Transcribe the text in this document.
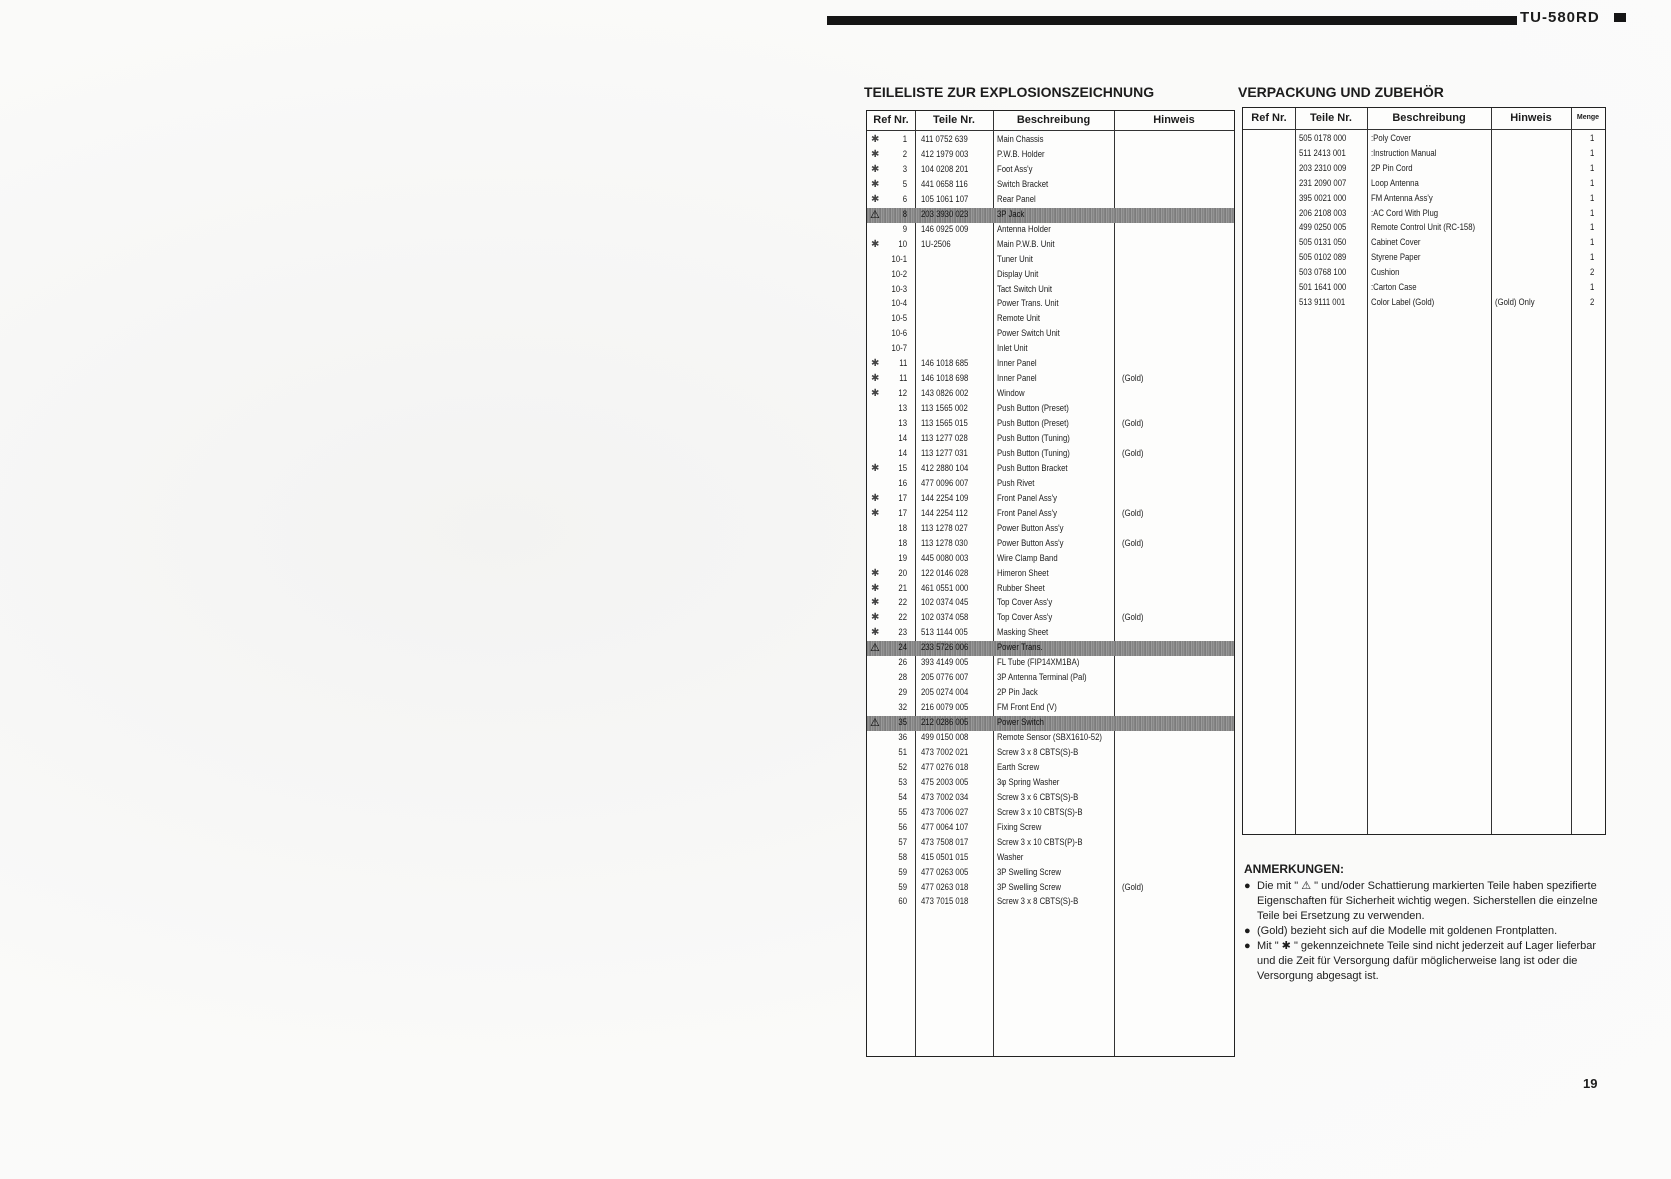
TU-580RD
TEILELISTE ZUR EXPLOSIONSZEICHNUNG
Ref Nr.	Teile Nr.	Beschreibung	Hinweis
✱	1 411 0752 639	Main Chassis
✱	2 412 1979 003	P.W.B. Holder
✱	3 104 0208 201	Foot Ass'y
✱	5 441 0658 116	Switch Bracket
✱	6 105 1061 107	Rear Panel
⚠	8 203 3930 023	3P Jack
9 146 0925 009	Antenna Holder
✱ 10 1U-2506	Main P.W.B. Unit
10-1	Tuner Unit
10-2	Display Unit
10-3	Tact Switch Unit
10-4	Power Trans. Unit
10-5	Remote Unit
10-6	Power Switch Unit
10-7	Inlet Unit
✱ 11 146 1018 685	Inner Panel
✱ 11 146 1018 698	Inner Panel	(Gold)
✱ 12 143 0826 002	Window
13 113 1565 002	Push Button (Preset)
13 113 1565 015	Push Button (Preset)	(Gold)
14 113 1277 028	Push Button (Tuning)
14 113 1277 031	Push Button (Tuning)	(Gold)
✱ 15 412 2880 104	Push Button Bracket
16 477 0096 007	Push Rivet
✱ 17 144 2254 109	Front Panel Ass'y
✱ 17 144 2254 112	Front Panel Ass'y	(Gold)
18 113 1278 027	Power Button Ass'y
18 113 1278 030	Power Button Ass'y	(Gold)
19 445 0080 003	Wire Clamp Band
✱ 20 122 0146 028	Himeron Sheet
✱ 21 461 0551 000	Rubber Sheet
✱ 22 102 0374 045	Top Cover Ass'y
✱ 22 102 0374 058	Top Cover Ass'y	(Gold)
✱ 23 513 1144 005	Masking Sheet
⚠ 24 233 5726 006	Power Trans.
26 393 4149 005	FL Tube (FIP14XM1BA)
28 205 0776 007	3P Antenna Terminal (Pal)
29 205 0274 004	2P Pin Jack
32 216 0079 005	FM Front End (V)
⚠ 35 212 0286 005	Power Switch
36 499 0150 008	Remote Sensor (SBX1610-52)
51 473 7002 021	Screw 3 x 8 CBTS(S)-B
52 477 0276 018	Earth Screw
53 475 2003 005	3φ Spring Washer
54 473 7002 034	Screw 3 x 6 CBTS(S)-B
55 473 7006 027	Screw 3 x 10 CBTS(S)-B
56 477 0064 107	Fixing Screw
57 473 7508 017	Screw 3 x 10 CBTS(P)-B
58 415 0501 015	Washer
59 477 0263 005	3P Swelling Screw
59 477 0263 018	3P Swelling Screw	(Gold)
60 473 7015 018	Screw 3 x 8 CBTS(S)-B
VERPACKUNG UND ZUBEHÖR
Ref Nr.	Teile Nr.	Beschreibung	Hinweis	Menge
505 0178 000	:Poly Cover	1
511 2413 001	:Instruction Manual	1
203 2310 009	2P Pin Cord	1
231 2090 007	Loop Antenna	1
395 0021 000	FM Antenna Ass'y	1
206 2108 003	:AC Cord With Plug	1
499 0250 005	Remote Control Unit (RC-158)	1
505 0131 050	Cabinet Cover	1
505 0102 089	Styrene Paper	1
503 0768 100	Cushion	2
501 1641 000	:Carton Case	1
513 9111 001	Color Label (Gold)	(Gold) Only	2
ANMERKUNGEN:
● Die mit " ⚠ " und/oder Schattierung markierten Teile haben spezifierte Eigenschaften für Sicherheit wichtig wegen. Sicherstellen die einzelne Teile bei Ersetzung zu verwenden.
● (Gold) bezieht sich auf die Modelle mit goldenen Frontplatten.
● Mit " ✱ " gekennzeichnete Teile sind nicht jederzeit auf Lager lieferbar und die Zeit für Versorgung dafür möglicherweise lang ist oder die Versorgung abgesagt ist.
19
